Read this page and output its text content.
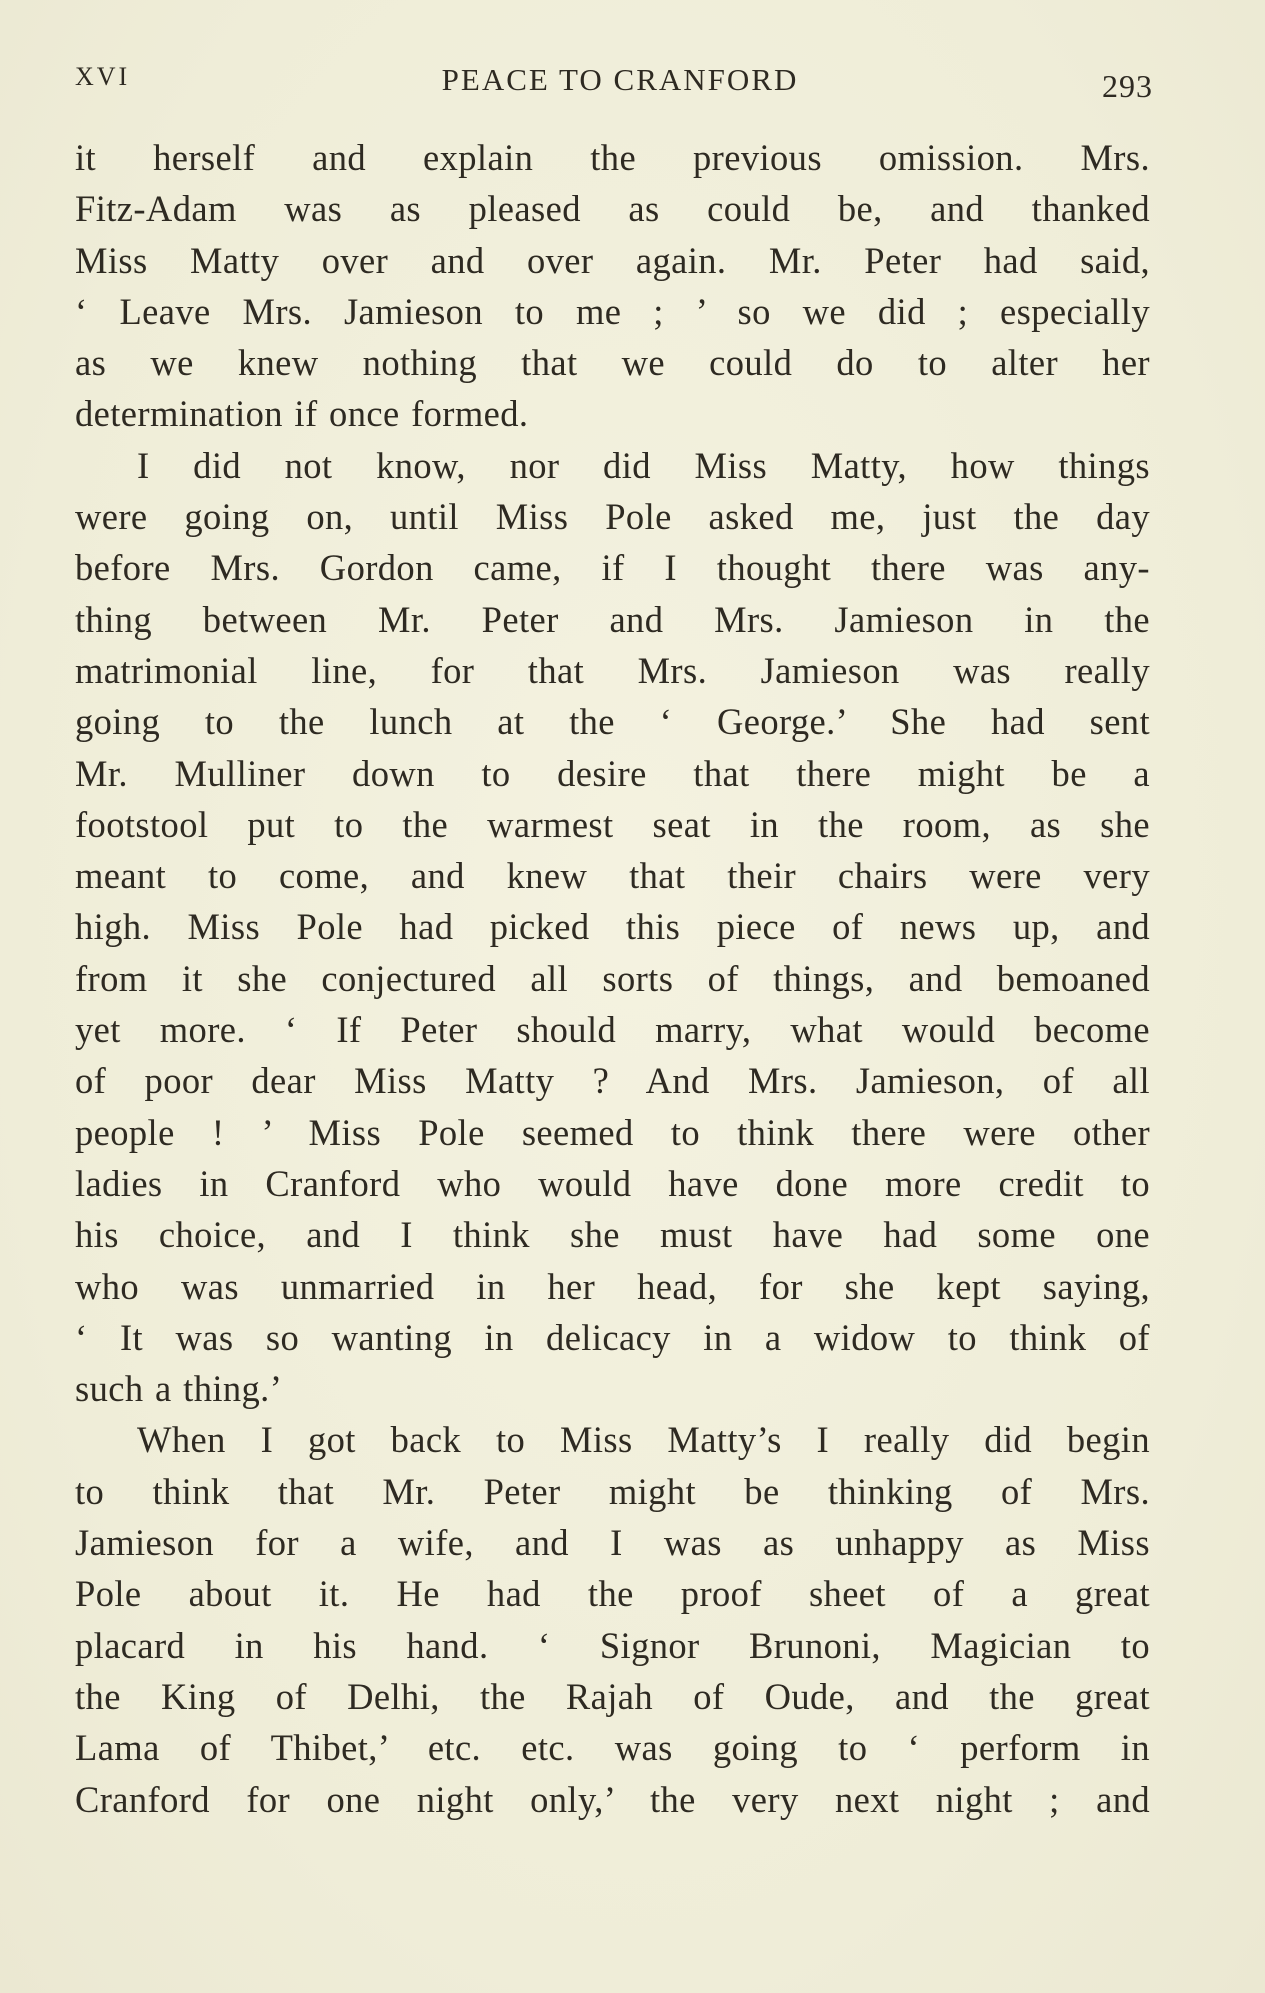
XVI	PEACE TO CRANFORD	293
it herself and explain the previous omission. Mrs.
Fitz-Adam was as pleased as could be, and thanked
Miss Matty over and over again. Mr. Peter had said,
‘ Leave Mrs. Jamieson to me ; ’ so we did ; especially
as we knew nothing that we could do to alter her
determination if once formed.
I did not know, nor did Miss Matty, how things
were going on, until Miss Pole asked me, just the day
before Mrs. Gordon came, if I thought there was any-
thing between Mr. Peter and Mrs. Jamieson in the
matrimonial line, for that Mrs. Jamieson was really
going to the lunch at the ‘ George.’ She had sent
Mr. Mulliner down to desire that there might be a
footstool put to the warmest seat in the room, as she
meant to come, and knew that their chairs were very
high. Miss Pole had picked this piece of news up, and
from it she conjectured all sorts of things, and bemoaned
yet more. ‘ If Peter should marry, what would become
of poor dear Miss Matty ? And Mrs. Jamieson, of all
people ! ’ Miss Pole seemed to think there were other
ladies in Cranford who would have done more credit to
his choice, and I think she must have had some one
who was unmarried in her head, for she kept saying,
‘ It was so wanting in delicacy in a widow to think of
such a thing.’
When I got back to Miss Matty’s I really did begin
to think that Mr. Peter might be thinking of Mrs.
Jamieson for a wife, and I was as unhappy as Miss
Pole about it. He had the proof sheet of a great
placard in his hand. ‘ Signor Brunoni, Magician to
the King of Delhi, the Rajah of Oude, and the great
Lama of Thibet,’ etc. etc. was going to ‘ perform in
Cranford for one night only,’ the very next night ; and
